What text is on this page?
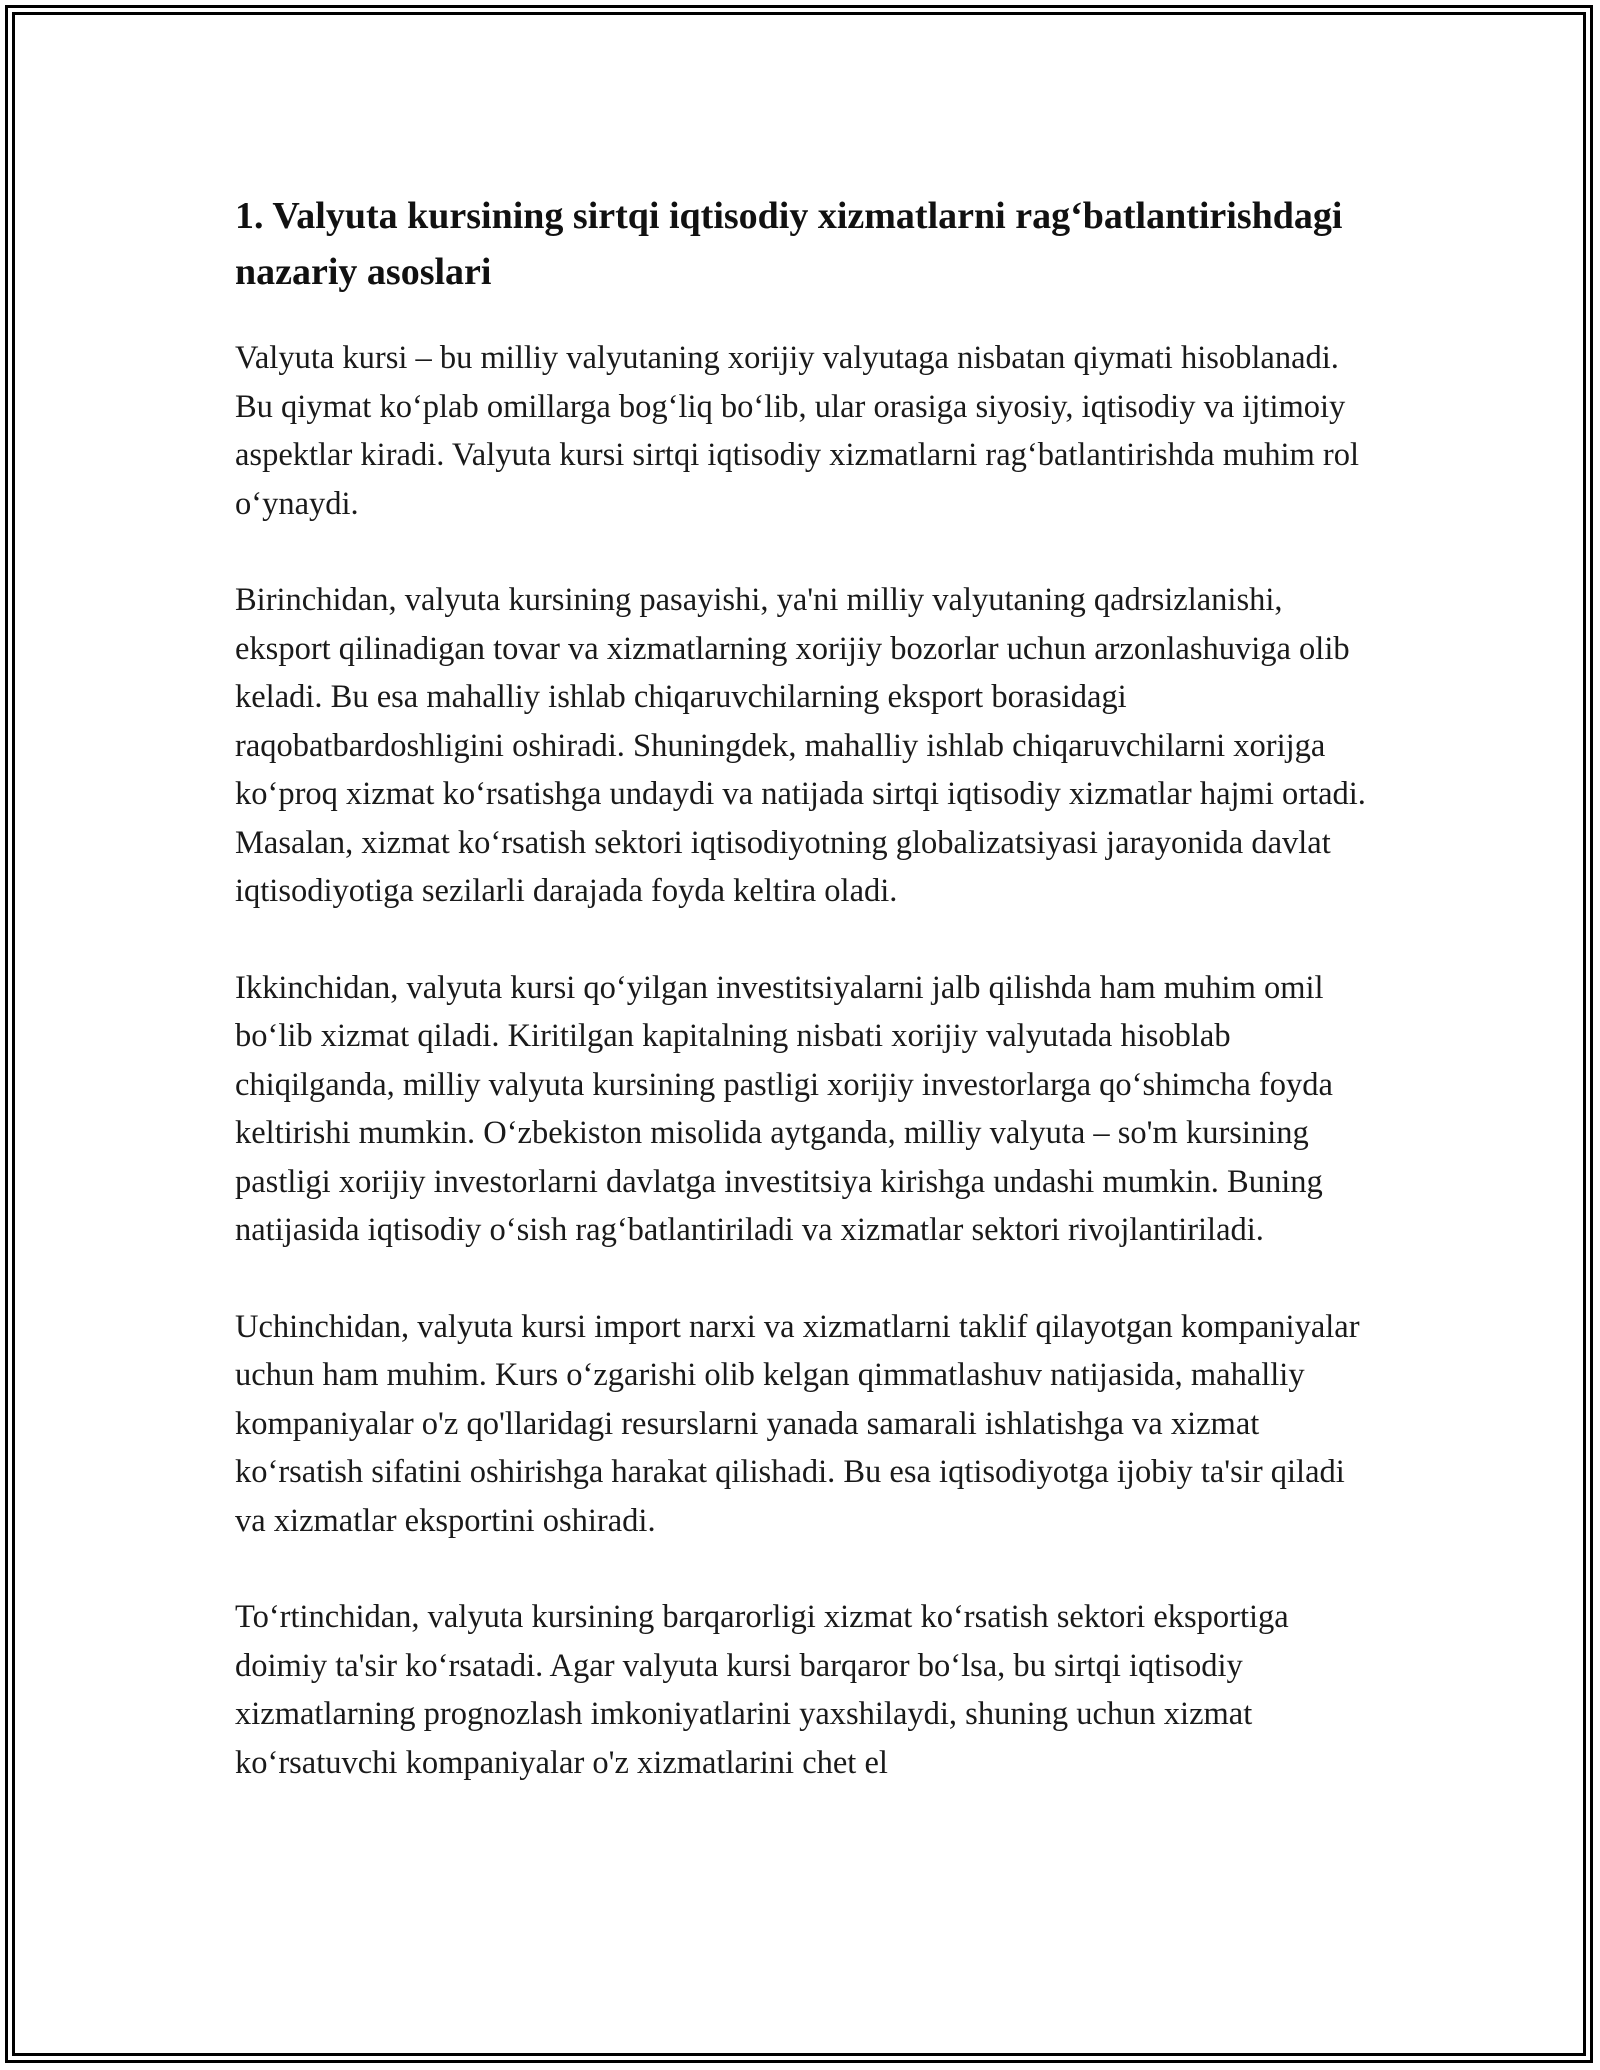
1. Valyuta kursining sirtqi iqtisodiy xizmatlarni rag‘batlantirishdagi nazariy asoslari

Valyuta kursi – bu milliy valyutaning xorijiy valyutaga nisbatan qiymati hisoblanadi. Bu qiymat ko‘plab omillarga bog‘liq bo‘lib, ular orasiga siyosiy, iqtisodiy va ijtimoiy aspektlar kiradi. Valyuta kursi sirtqi iqtisodiy xizmatlarni rag‘batlantirishda muhim rol o‘ynaydi.

Birinchidan, valyuta kursining pasayishi, ya'ni milliy valyutaning qadrsizlanishi, eksport qilinadigan tovar va xizmatlarning xorijiy bozorlar uchun arzonlashuviga olib keladi. Bu esa mahalliy ishlab chiqaruvchilarning eksport borasidagi raqobatbardoshligini oshiradi. Shuningdek, mahalliy ishlab chiqaruvchilarni xorijga ko‘proq xizmat ko‘rsatishga undaydi va natijada sirtqi iqtisodiy xizmatlar hajmi ortadi. Masalan, xizmat ko‘rsatish sektori iqtisodiyotning globalizatsiyasi jarayonida davlat iqtisodiyotiga sezilarli darajada foyda keltira oladi.

Ikkinchidan, valyuta kursi qo‘yilgan investitsiyalarni jalb qilishda ham muhim omil bo‘lib xizmat qiladi. Kiritilgan kapitalning nisbati xorijiy valyutada hisoblab chiqilganda, milliy valyuta kursining pastligi xorijiy investorlarga qo‘shimcha foyda keltirishi mumkin. O‘zbekiston misolida aytganda, milliy valyuta – so'm kursining pastligi xorijiy investorlarni davlatga investitsiya kirishga undashi mumkin. Buning natijasida iqtisodiy o‘sish rag‘batlantiriladi va xizmatlar sektori rivojlantiriladi.

Uchinchidan, valyuta kursi import narxi va xizmatlarni taklif qilayotgan kompaniyalar uchun ham muhim. Kurs o‘zgarishi olib kelgan qimmatlashuv natijasida, mahalliy kompaniyalar o'z qo'llaridagi resurslarni yanada samarali ishlatishga va xizmat ko‘rsatish sifatini oshirishga harakat qilishadi. Bu esa iqtisodiyotga ijobiy ta'sir qiladi va xizmatlar eksportini oshiradi.

To‘rtinchidan, valyuta kursining barqarorligi xizmat ko‘rsatish sektori eksportiga doimiy ta'sir ko‘rsatadi. Agar valyuta kursi barqaror bo‘lsa, bu sirtqi iqtisodiy xizmatlarning prognozlash imkoniyatlarini yaxshilaydi, shuning uchun xizmat ko‘rsatuvchi kompaniyalar o'z xizmatlarini chet el
